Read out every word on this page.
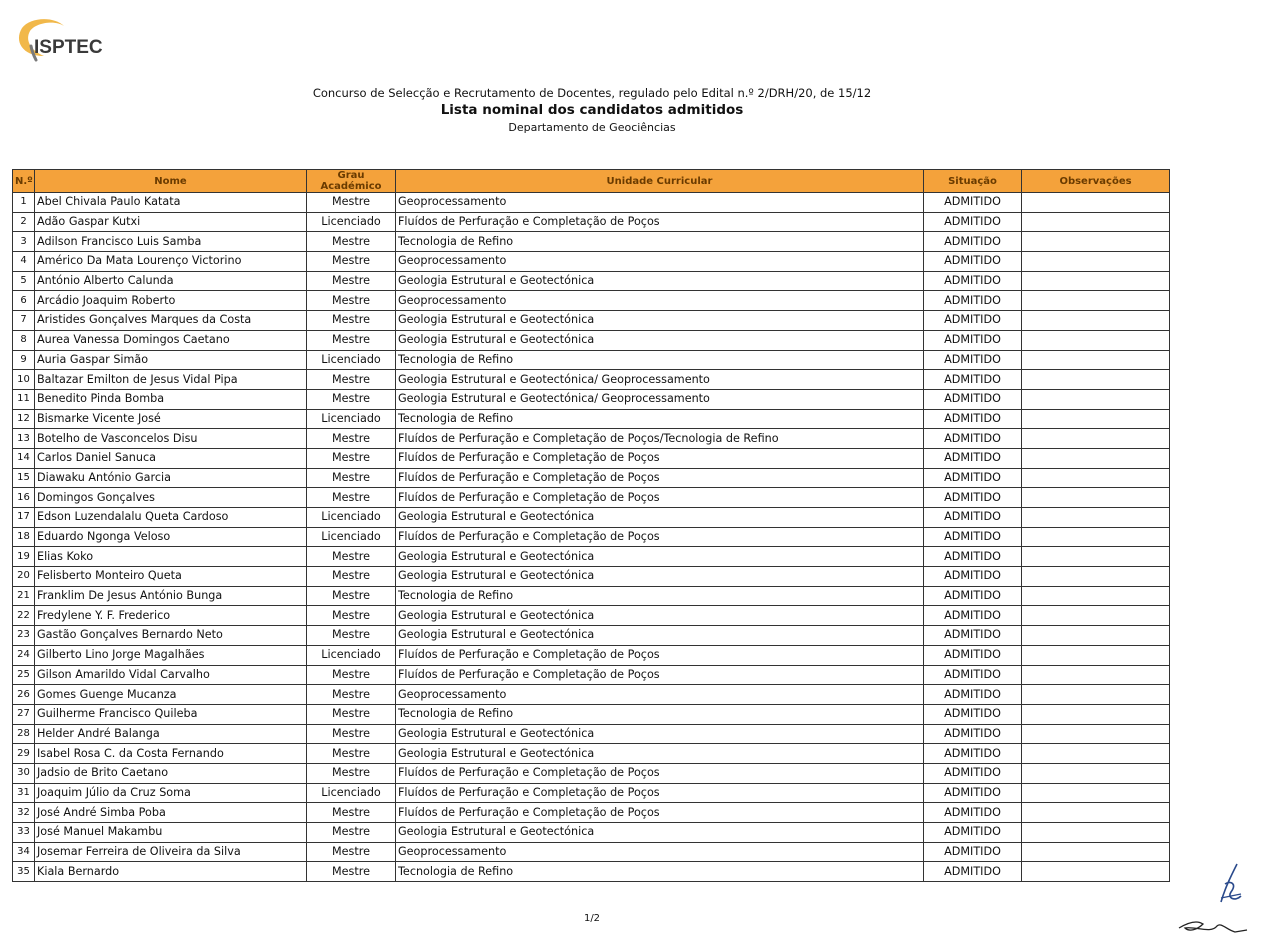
ISPTEC
Concurso de Selecção e Recrutamento de Docentes, regulado pelo Edital n.º 2/DRH/20, de 15/12
Lista nominal dos candidatos admitidos
Departamento de Geociências
N.º	Nome	Grau Académico	Unidade Curricular	Situação	Observações
1	Abel Chivala Paulo Katata	Mestre	Geoprocessamento	ADMITIDO	
2	Adão Gaspar Kutxi	Licenciado	Fluídos de Perfuração e Completação de Poços	ADMITIDO	
3	Adilson Francisco Luis Samba	Mestre	Tecnologia de Refino	ADMITIDO	
4	Américo Da Mata Lourenço Victorino	Mestre	Geoprocessamento	ADMITIDO	
5	António Alberto Calunda	Mestre	Geologia Estrutural e Geotectónica	ADMITIDO	
6	Arcádio Joaquim Roberto	Mestre	Geoprocessamento	ADMITIDO	
7	Aristides Gonçalves Marques da Costa	Mestre	Geologia Estrutural e Geotectónica	ADMITIDO	
8	Aurea Vanessa Domingos Caetano	Mestre	Geologia Estrutural e Geotectónica	ADMITIDO	
9	Auria Gaspar Simão	Licenciado	Tecnologia de Refino	ADMITIDO	
10	Baltazar Emilton de Jesus Vidal Pipa	Mestre	Geologia Estrutural e Geotectónica/ Geoprocessamento	ADMITIDO	
11	Benedito Pinda Bomba	Mestre	Geologia Estrutural e Geotectónica/ Geoprocessamento	ADMITIDO	
12	Bismarke Vicente José	Licenciado	Tecnologia de Refino	ADMITIDO	
13	Botelho de Vasconcelos Disu	Mestre	Fluídos de Perfuração e Completação de Poços/Tecnologia de Refino	ADMITIDO	
14	Carlos Daniel Sanuca	Mestre	Fluídos de Perfuração e Completação de Poços	ADMITIDO	
15	Diawaku António Garcia	Mestre	Fluídos de Perfuração e Completação de Poços	ADMITIDO	
16	Domingos Gonçalves	Mestre	Fluídos de Perfuração e Completação de Poços	ADMITIDO	
17	Edson Luzendalalu Queta Cardoso	Licenciado	Geologia Estrutural e Geotectónica	ADMITIDO	
18	Eduardo Ngonga Veloso	Licenciado	Fluídos de Perfuração e Completação de Poços	ADMITIDO	
19	Elias Koko	Mestre	Geologia Estrutural e Geotectónica	ADMITIDO	
20	Felisberto Monteiro Queta	Mestre	Geologia Estrutural e Geotectónica	ADMITIDO	
21	Franklim De Jesus António Bunga	Mestre	Tecnologia de Refino	ADMITIDO	
22	Fredylene Y. F. Frederico	Mestre	Geologia Estrutural e Geotectónica	ADMITIDO	
23	Gastão Gonçalves Bernardo Neto	Mestre	Geologia Estrutural e Geotectónica	ADMITIDO	
24	Gilberto Lino Jorge Magalhães	Licenciado	Fluídos de Perfuração e Completação de Poços	ADMITIDO	
25	Gilson Amarildo Vidal Carvalho	Mestre	Fluídos de Perfuração e Completação de Poços	ADMITIDO	
26	Gomes Guenge Mucanza	Mestre	Geoprocessamento	ADMITIDO	
27	Guilherme Francisco Quileba	Mestre	Tecnologia de Refino	ADMITIDO	
28	Helder André Balanga	Mestre	Geologia Estrutural e Geotectónica	ADMITIDO	
29	Isabel Rosa C. da Costa Fernando	Mestre	Geologia Estrutural e Geotectónica	ADMITIDO	
30	Jadsio de Brito Caetano	Mestre	Fluídos de Perfuração e Completação de Poços	ADMITIDO	
31	Joaquim Júlio da Cruz Soma	Licenciado	Fluídos de Perfuração e Completação de Poços	ADMITIDO	
32	José André Simba Poba	Mestre	Fluídos de Perfuração e Completação de Poços	ADMITIDO	
33	José Manuel Makambu	Mestre	Geologia Estrutural e Geotectónica	ADMITIDO	
34	Josemar Ferreira de Oliveira da Silva	Mestre	Geoprocessamento	ADMITIDO	
35	Kiala Bernardo	Mestre	Tecnologia de Refino	ADMITIDO	
1/2
